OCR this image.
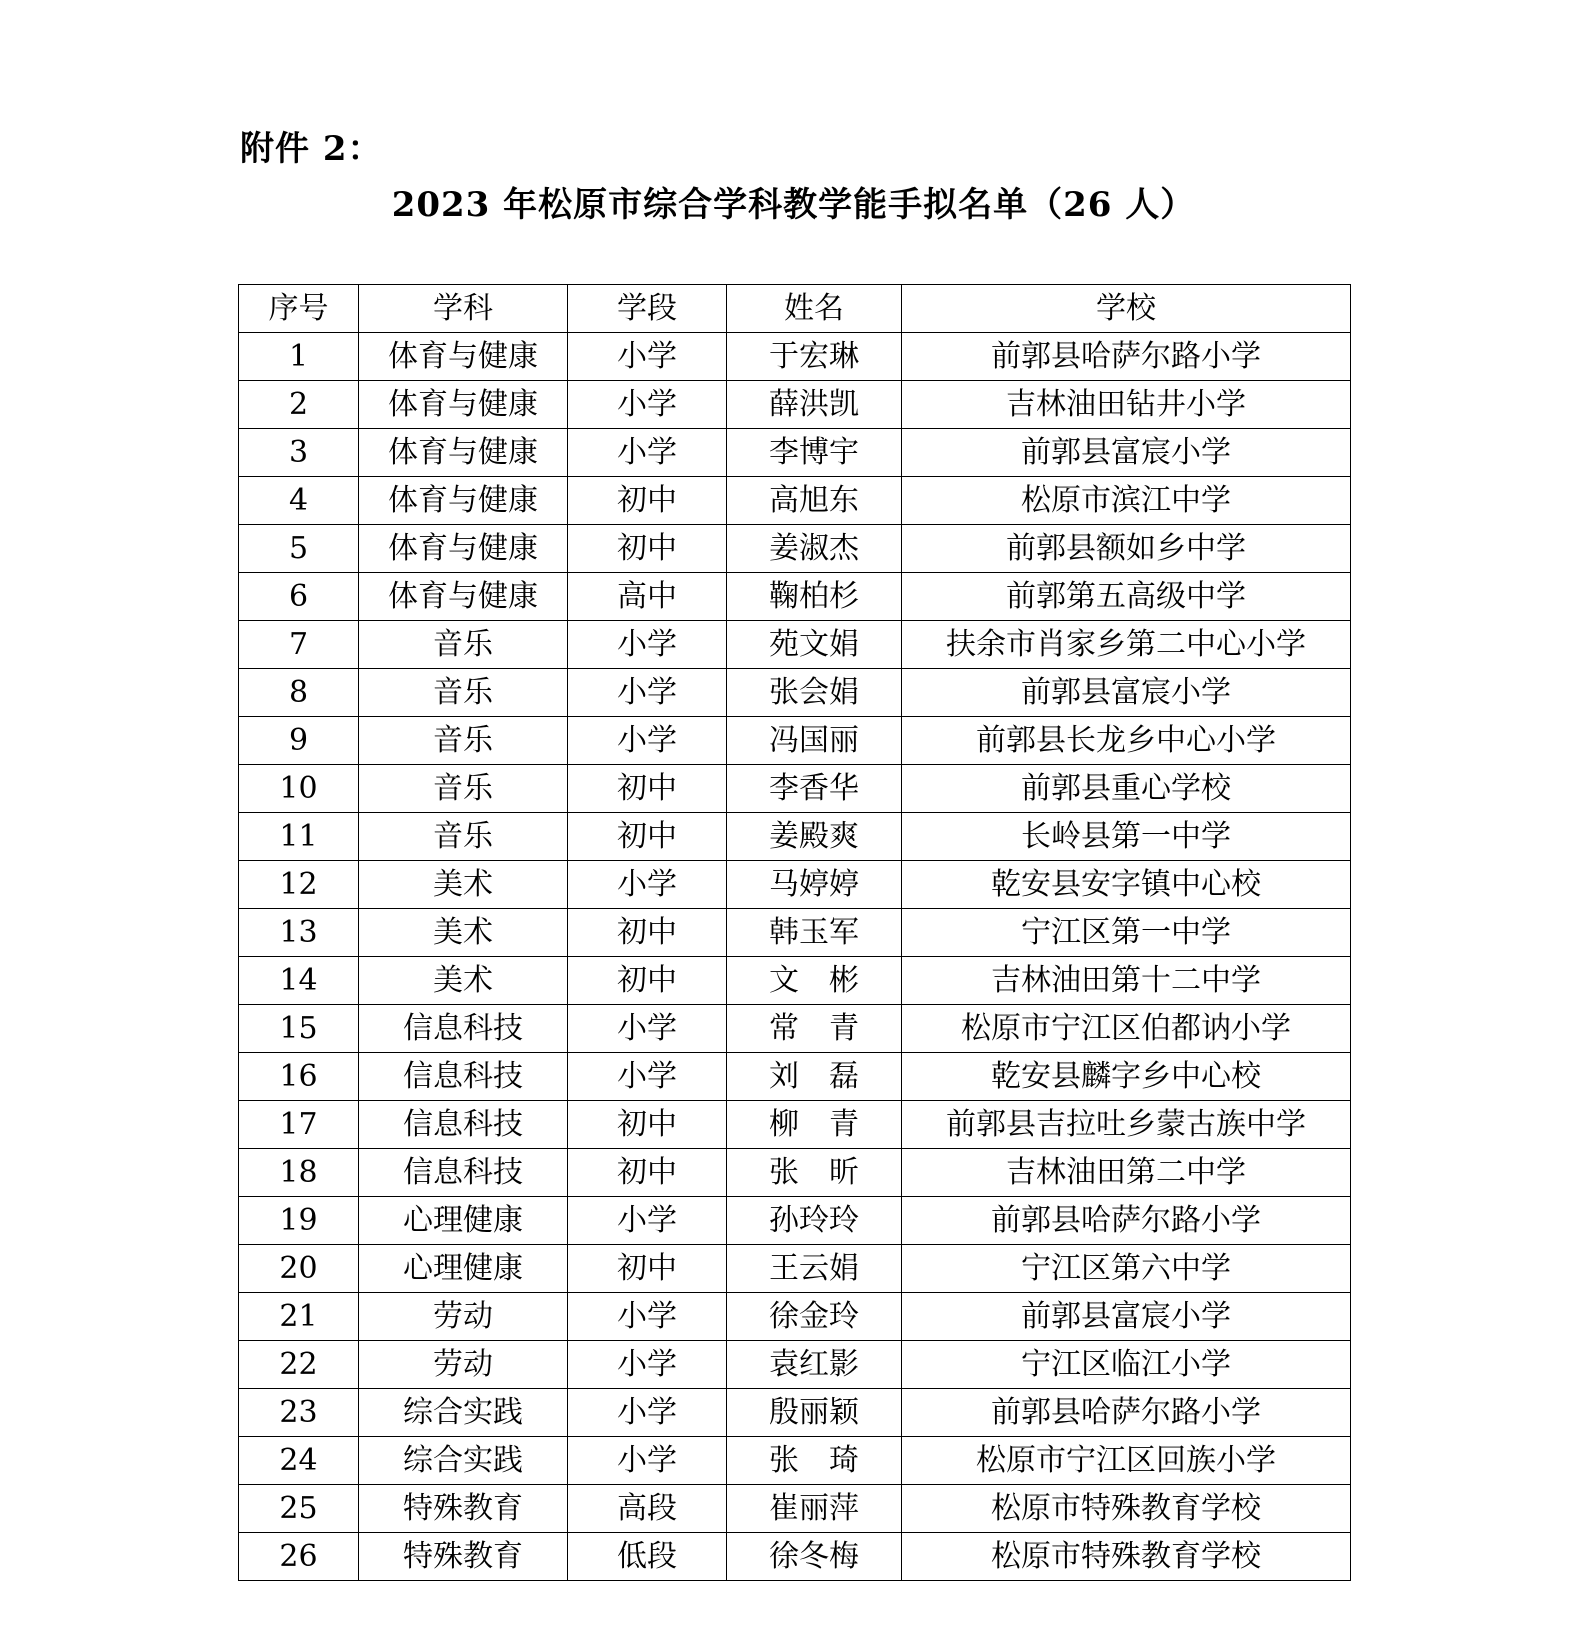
附件 2：
2023 年松原市综合学科教学能手拟名单（26 人）
序号	学科	学段	姓名	学校
1	体育与健康	小学	于宏琳	前郭县哈萨尔路小学
2	体育与健康	小学	薛洪凯	吉林油田钻井小学
3	体育与健康	小学	李博宇	前郭县富宸小学
4	体育与健康	初中	高旭东	松原市滨江中学
5	体育与健康	初中	姜淑杰	前郭县额如乡中学
6	体育与健康	高中	鞠柏杉	前郭第五高级中学
7	音乐	小学	苑文娟	扶余市肖家乡第二中心小学
8	音乐	小学	张会娟	前郭县富宸小学
9	音乐	小学	冯国丽	前郭县长龙乡中心小学
10	音乐	初中	李香华	前郭县重心学校
11	音乐	初中	姜殿爽	长岭县第一中学
12	美术	小学	马婷婷	乾安县安字镇中心校
13	美术	初中	韩玉军	宁江区第一中学
14	美术	初中	文　彬	吉林油田第十二中学
15	信息科技	小学	常　青	松原市宁江区伯都讷小学
16	信息科技	小学	刘　磊	乾安县麟字乡中心校
17	信息科技	初中	柳　青	前郭县吉拉吐乡蒙古族中学
18	信息科技	初中	张　昕	吉林油田第二中学
19	心理健康	小学	孙玲玲	前郭县哈萨尔路小学
20	心理健康	初中	王云娟	宁江区第六中学
21	劳动	小学	徐金玲	前郭县富宸小学
22	劳动	小学	袁红影	宁江区临江小学
23	综合实践	小学	殷丽颖	前郭县哈萨尔路小学
24	综合实践	小学	张　琦	松原市宁江区回族小学
25	特殊教育	高段	崔丽萍	松原市特殊教育学校
26	特殊教育	低段	徐冬梅	松原市特殊教育学校
